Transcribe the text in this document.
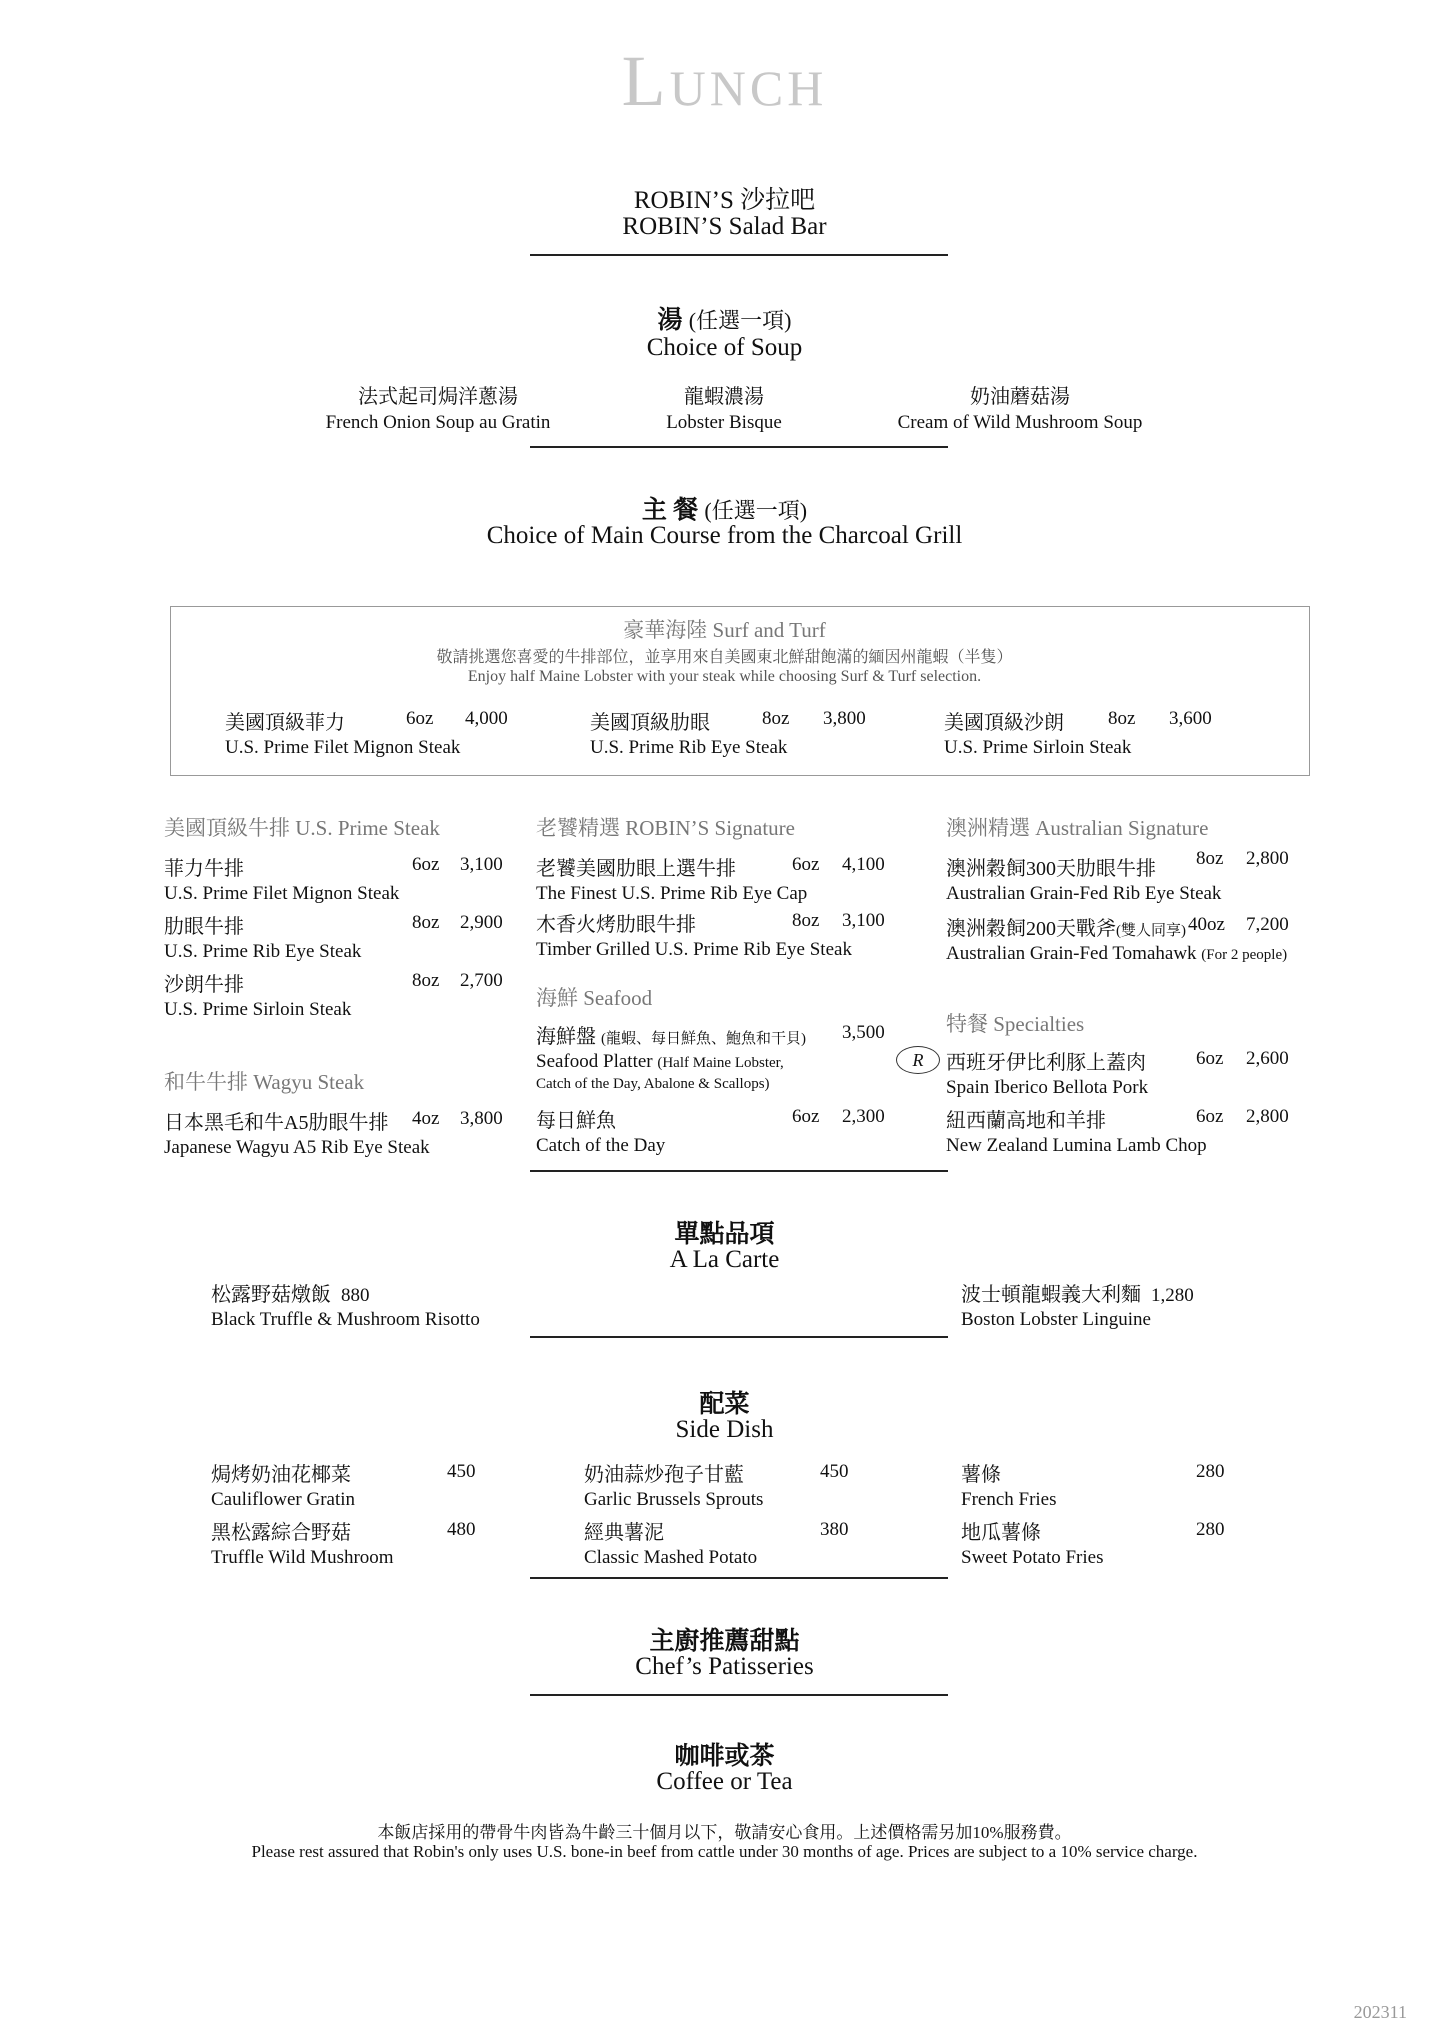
Lunch
ROBIN’S 沙拉吧
ROBIN’S Salad Bar
湯 (任選一項)
Choice of Soup
法式起司焗洋蔥湯
French Onion Soup au Gratin
龍蝦濃湯
Lobster Bisque
奶油蘑菇湯
Cream of Wild Mushroom Soup
主 餐 (任選一項)
Choice of Main Course from the Charcoal Grill
豪華海陸 Surf and Turf
敬請挑選您喜愛的牛排部位，並享用來自美國東北鮮甜飽滿的緬因州龍蝦（半隻）
Enjoy half Maine Lobster with your steak while choosing Surf & Turf selection.
美國頂級菲力
U.S. Prime Filet Mignon Steak
6oz 4,000	美國頂級肋眼
U.S. Prime Rib Eye Steak
8oz 3,800	美國頂級沙朗
U.S. Prime Sirloin Steak
8oz 3,600
美國頂級牛排 U.S. Prime Steak
菲力牛排
U.S. Prime Filet Mignon Steak
6oz 3,100
肋眼牛排
U.S. Prime Rib Eye Steak
8oz 2,900
沙朗牛排
U.S. Prime Sirloin Steak
8oz 2,700
和牛牛排 Wagyu Steak
日本黑毛和牛A5肋眼牛排
Japanese Wagyu A5 Rib Eye Steak
4oz 3,800
老饕精選 ROBIN’S Signature
老饕美國肋眼上選牛排
The Finest U.S. Prime Rib Eye Cap
6oz 4,100
木香火烤肋眼牛排
Timber Grilled U.S. Prime Rib Eye Steak
8oz 3,100
海鮮 Seafood
海鮮盤 (龍蝦、每日鮮魚、鮑魚和干貝)
Seafood Platter (Half Maine Lobster,
Catch of the Day, Abalone & Scallops)
3,500
每日鮮魚
Catch of the Day
6oz 2,300
澳洲精選 Australian Signature
澳洲穀飼300天肋眼牛排
Australian Grain-Fed Rib Eye Steak
8oz 2,800
澳洲穀飼200天戰斧(雙人同享)
Australian Grain-Fed Tomahawk (For 2 people)
40oz 7,200
特餐 Specialties
R	西班牙伊比利豚上蓋肉
Spain Iberico Bellota Pork
6oz 2,600
紐西蘭高地和羊排
New Zealand Lumina Lamb Chop
6oz 2,800
單點品項
A La Carte
松露野菇燉飯 880
Black Truffle & Mushroom Risotto
波士頓龍蝦義大利麵 1,280
Boston Lobster Linguine
配菜
Side Dish
焗烤奶油花椰菜
Cauliflower Gratin
450
黑松露綜合野菇
Truffle Wild Mushroom
480
奶油蒜炒孢子甘藍
Garlic Brussels Sprouts
450
經典薯泥
Classic Mashed Potato
380
薯條
French Fries
280
地瓜薯條
Sweet Potato Fries
280
主廚推薦甜點
Chef’s Patisseries
咖啡或茶
Coffee or Tea
本飯店採用的帶骨牛肉皆為牛齡三十個月以下，敬請安心食用。上述價格需另加10%服務費。
Please rest assured that Robin's only uses U.S. bone-in beef from cattle under 30 months of age. Prices are subject to a 10% service charge.
202311
